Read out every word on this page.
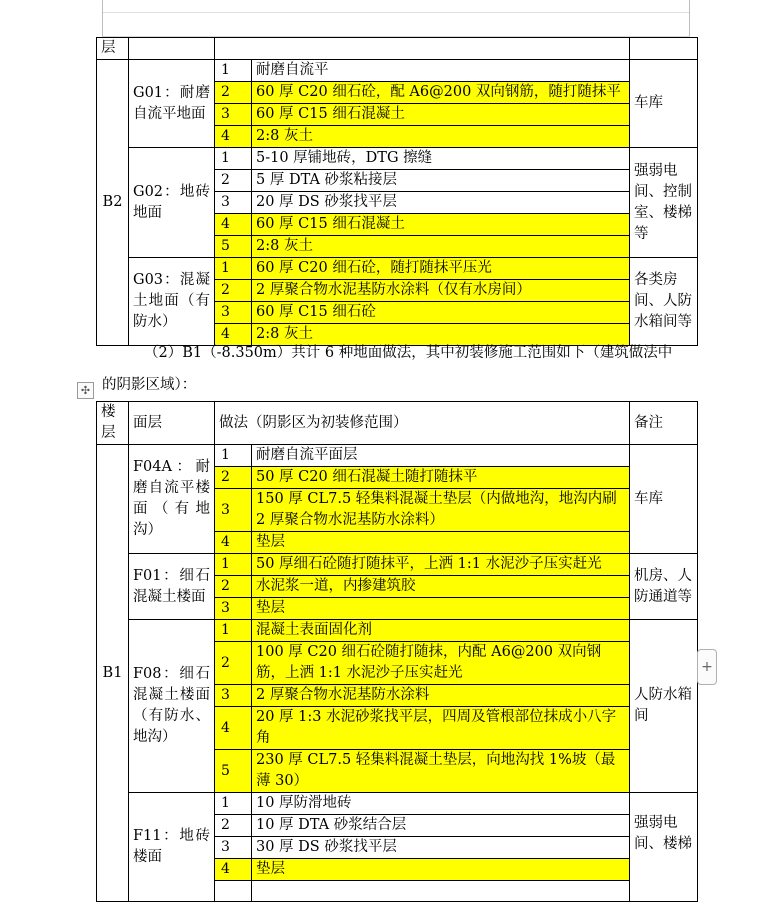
层				
B2	G01：耐磨自流平地面	1	耐磨自流平	车库
		2	60 厚 C20 细石砼，配 A6@200 双向钢筋，随打随抹平	
		3	60 厚 C15 细石混凝土	
		4	2:8 灰土	
	G02：地砖地面	1	5-10 厚铺地砖，DTG 擦缝	强弱电间、控制室、楼梯等
		2	5 厚 DTA 砂浆粘接层	
		3	20 厚 DS 砂浆找平层	
		4	60 厚 C15 细石混凝土	
		5	2:8 灰土	
	G03：混凝土地面（有防水）	1	60 厚 C20 细石砼，随打随抹平压光	各类房间、人防水箱间等
		2	2 厚聚合物水泥基防水涂料（仅有水房间）	
		3	60 厚 C15 细石砼	
		4	2:8 灰土	
（2）B1（-8.350m）共计 6 种地面做法，其中初装修施工范围如下（建筑做法中
的阴影区域）：
✣
楼层	面层	做法（阴影区为初装修范围）		备注
B1	F04A：耐磨自流平楼面（有地沟）	1	耐磨自流平面层	车库
		2	50 厚 C20 细石混凝土随打随抹平	
		3	150 厚 CL7.5 轻集料混凝土垫层（内做地沟，地沟内刷 2 厚聚合物水泥基防水涂料）	
		4	垫层	
	F01：细石混凝土楼面	1	50 厚细石砼随打随抹平，上洒 1:1 水泥沙子压实赶光	机房、人防通道等
		2	水泥浆一道，内掺建筑胶	
		3	垫层	
	F08：细石混凝土楼面（有防水、地沟）	1	混凝土表面固化剂	人防水箱间
		2	100 厚 C20 细石砼随打随抹，内配 A6@200 双向钢筋，上洒 1:1 水泥沙子压实赶光	
		3	2 厚聚合物水泥基防水涂料	
		4	20 厚 1:3 水泥砂浆找平层，四周及管根部位抹成小八字角	
		5	230 厚 CL7.5 轻集料混凝土垫层，向地沟找 1%坡（最薄 30）	
	F11：地砖楼面	1	10 厚防滑地砖	强弱电间、楼梯
		2	10 厚 DTA 砂浆结合层	
		3	30 厚 DS 砂浆找平层	
		4	垫层	

+
